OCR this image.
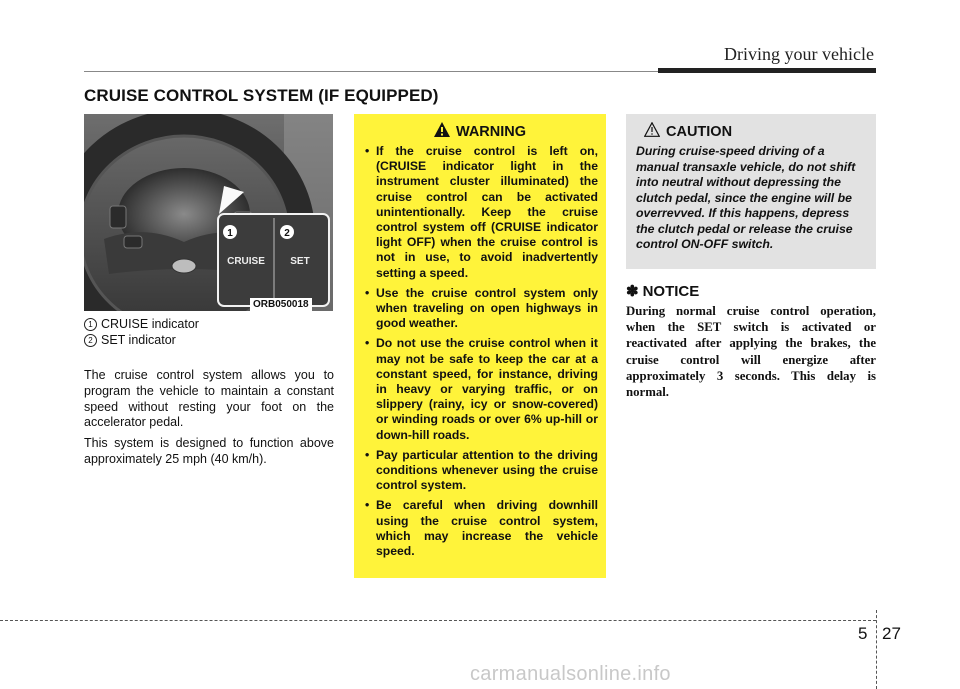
Driving your vehicle
CRUISE CONTROL SYSTEM (IF EQUIPPED)
1	2
CRUISE	SET
ORB050018
1 CRUISE indicator
2 SET indicator

The cruise control system allows you to program the vehicle to maintain a constant speed without resting your foot on the accelerator pedal.

This system is designed to function above approximately 25 mph (40 km/h).

WARNING
• If the cruise control is left on, (CRUISE indicator light in the instrument cluster illuminated) the cruise control can be activated unintentionally. Keep the cruise control system off (CRUISE indicator light OFF) when the cruise control is not in use, to avoid inadvertently setting a speed.
• Use the cruise control system only when traveling on open highways in good weather.
• Do not use the cruise control when it may not be safe to keep the car at a constant speed, for instance, driving in heavy or varying traffic, or on slippery (rainy, icy or snow-covered) or winding roads or over 6% up-hill or down-hill roads.
• Pay particular attention to the driving conditions whenever using the cruise control system.
• Be careful when driving downhill using the cruise control system, which may increase the vehicle speed.
CAUTION
During cruise-speed driving of a manual transaxle vehicle, do not shift into neutral without depressing the clutch pedal, since the engine will be overrevved. If this happens, depress the clutch pedal or release the cruise control ON-OFF switch.
✽ NOTICE
During normal cruise control operation, when the SET switch is activated or reactivated after applying the brakes, the cruise control will energize after approximately 3 seconds. This delay is normal.
5 27
carmanualsonline.info
